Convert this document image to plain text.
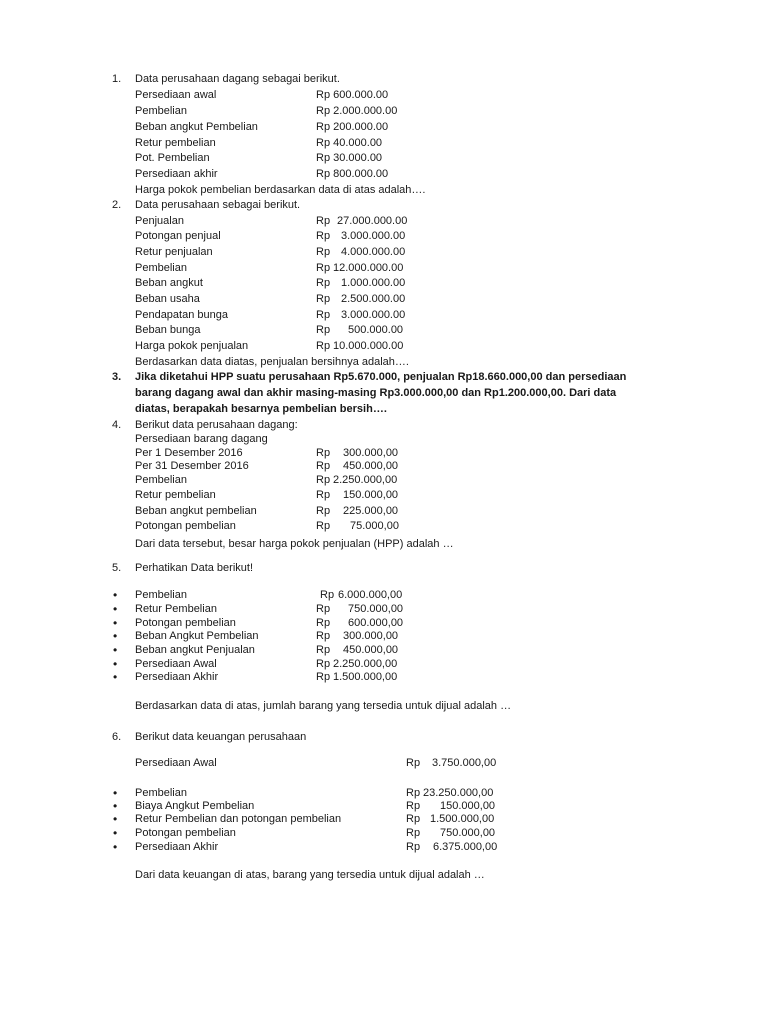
1. Data perusahaan dagang sebagai berikut.
Persediaan awal	Rp 600.000.00
Pembelian	Rp 2.000.000.00
Beban angkut Pembelian	Rp 200.000.00
Retur pembelian	Rp 40.000.00
Pot. Pembelian	Rp 30.000.00
Persediaan akhir	Rp 800.000.00
Harga pokok pembelian berdasarkan data di atas adalah….
2. Data perusahaan sebagai berikut.
Penjualan	Rp 27.000.000.00
Potongan penjual	Rp 3.000.000.00
Retur penjualan	Rp 4.000.000.00
Pembelian	Rp 12.000.000.00
Beban angkut	Rp 1.000.000.00
Beban usaha	Rp 2.500.000.00
Pendapatan bunga	Rp 3.000.000.00
Beban bunga	Rp 500.000.00
Harga pokok penjualan	Rp 10.000.000.00
Berdasarkan data diatas, penjualan bersihnya adalah….
3. Jika diketahui HPP suatu perusahaan Rp5.670.000, penjualan Rp18.660.000,00 dan persediaan
barang dagang awal dan akhir masing-masing Rp3.000.000,00 dan Rp1.200.000,00. Dari data
diatas, berapakah besarnya pembelian bersih….
4. Berikut data perusahaan dagang:
Persediaan barang dagang
Per 1 Desember 2016	Rp 300.000,00
Per 31 Desember 2016	Rp 450.000,00
Pembelian	Rp 2.250.000,00
Retur pembelian	Rp 150.000,00
Beban angkut pembelian	Rp 225.000,00
Potongan pembelian	Rp 75.000,00
Dari data tersebut, besar harga pokok penjualan (HPP) adalah …
5. Perhatikan Data berikut!
• Pembelian	Rp 6.000.000,00
• Retur Pembelian	Rp 750.000,00
• Potongan pembelian	Rp 600.000,00
• Beban Angkut Pembelian	Rp 300.000,00
• Beban angkut Penjualan	Rp 450.000,00
• Persediaan Awal	Rp 2.250.000,00
• Persediaan Akhir	Rp 1.500.000,00
Berdasarkan data di atas, jumlah barang yang tersedia untuk dijual adalah …
6. Berikut data keuangan perusahaan
Persediaan Awal	Rp 3.750.000,00
• Pembelian	Rp 23.250.000,00
• Biaya Angkut Pembelian	Rp 150.000,00
• Retur Pembelian dan potongan pembelian	Rp 1.500.000,00
• Potongan pembelian	Rp 750.000,00
• Persediaan Akhir	Rp 6.375.000,00
Dari data keuangan di atas, barang yang tersedia untuk dijual adalah …
